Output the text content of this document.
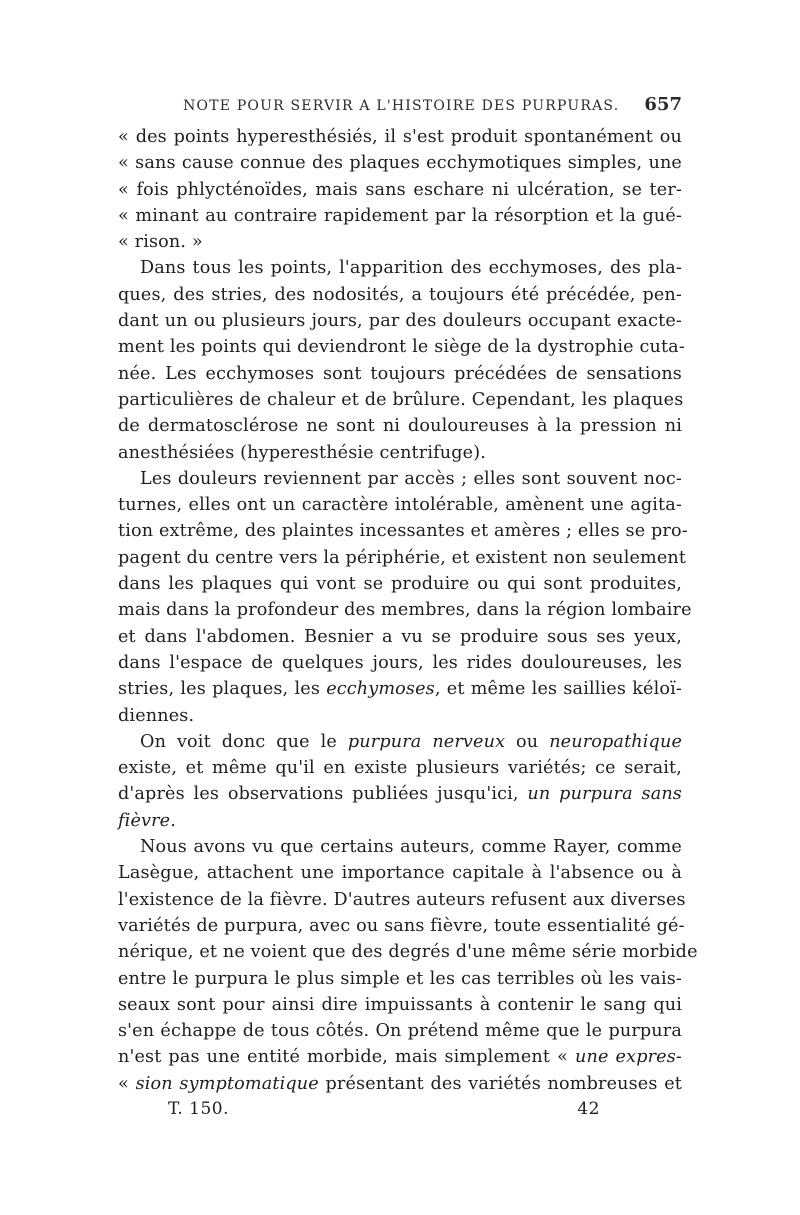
NOTE POUR SERVIR A L'HISTOIRE DES PURPURAS.	657

« des points hyperesthésiés, il s'est produit spontanément ou
« sans cause connue des plaques ecchymotiques simples, une
« fois phlycténoïdes, mais sans eschare ni ulcération, se ter-
« minant au contraire rapidement par la résorption et la gué-
« rison. »

Dans tous les points, l'apparition des ecchymoses, des pla-
ques, des stries, des nodosités, a toujours été précédée, pen-
dant un ou plusieurs jours, par des douleurs occupant exacte-
ment les points qui deviendront le siège de la dystrophie cuta-
née. Les ecchymoses sont toujours précédées de sensations
particulières de chaleur et de brûlure. Cependant, les plaques
de dermatosclérose ne sont ni douloureuses à la pression ni
anesthésiées (hyperesthésie centrifuge).

Les douleurs reviennent par accès ; elles sont souvent noc-
turnes, elles ont un caractère intolérable, amènent une agita-
tion extrême, des plaintes incessantes et amères ; elles se pro-
pagent du centre vers la périphérie, et existent non seulement
dans les plaques qui vont se produire ou qui sont produites,
mais dans la profondeur des membres, dans la région lombaire
et dans l'abdomen. Besnier a vu se produire sous ses yeux,
dans l'espace de quelques jours, les rides douloureuses, les
stries, les plaques, les ecchymoses, et même les saillies kéloï-
diennes.

On voit donc que le purpura nerveux ou neuropathique
existe, et même qu'il en existe plusieurs variétés; ce serait,
d'après les observations publiées jusqu'ici, un purpura sans
fièvre.

Nous avons vu que certains auteurs, comme Rayer, comme
Lasègue, attachent une importance capitale à l'absence ou à
l'existence de la fièvre. D'autres auteurs refusent aux diverses
variétés de purpura, avec ou sans fièvre, toute essentialité gé-
nérique, et ne voient que des degrés d'une même série morbide
entre le purpura le plus simple et les cas terribles où les vais-
seaux sont pour ainsi dire impuissants à contenir le sang qui
s'en échappe de tous côtés. On prétend même que le purpura
n'est pas une entité morbide, mais simplement « une expres-
« sion symptomatique présentant des variétés nombreuses et

T. 150.	42
